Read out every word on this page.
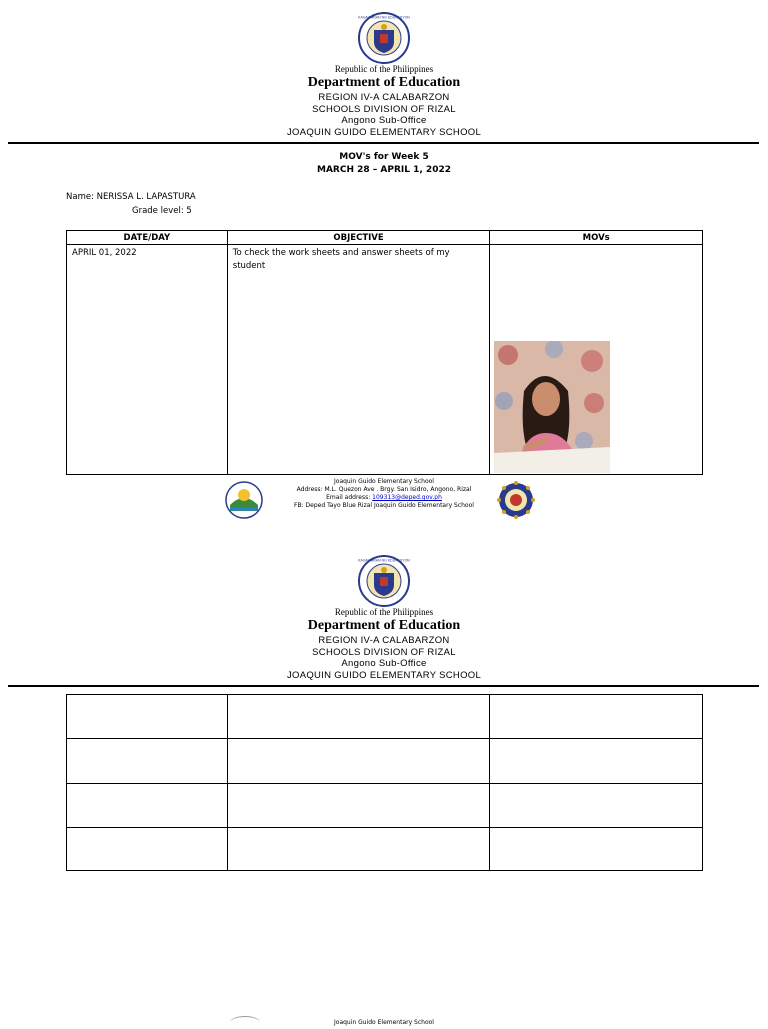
KAGAWARAN NG EDUKASYON
Republic of the Philippines
Department of Education
REGION IV-A CALABARZON
SCHOOLS DIVISION OF RIZAL
Angono Sub-Office
JOAQUIN GUIDO ELEMENTARY SCHOOL
MOV's for Week 5
MARCH 28 – APRIL 1, 2022
Name: NERISSA L. LAPASTURA
Grade level: 5
DATE/DAY	OBJECTIVE	MOVs
APRIL 01, 2022	To check the work sheets and answer sheets of my student	
Joaquin Guido Elementary School
Address: M.L. Quezon Ave . Brgy. San Isidro, Angono, Rizal
Email address: 109313@deped.gov.ph
FB: Deped Tayo Blue Rizal Joaquin Guido Elementary School
KAGAWARAN NG EDUKASYON
Republic of the Philippines
Department of Education
REGION IV-A CALABARZON
SCHOOLS DIVISION OF RIZAL
Angono Sub-Office
JOAQUIN GUIDO ELEMENTARY SCHOOL

Joaquin Guido Elementary School
